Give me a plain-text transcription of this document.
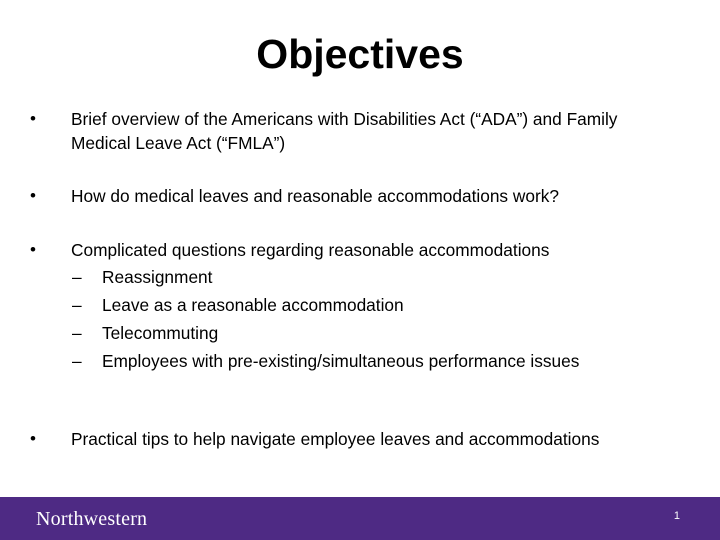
Objectives
•	Brief overview of the Americans with Disabilities Act (“ADA”) and Family Medical Leave Act (“FMLA”)
•	How do medical leaves and reasonable accommodations work?
•	Complicated questions regarding reasonable accommodations
–	Reassignment
–	Leave as a reasonable accommodation
–	Telecommuting
–	Employees with pre-existing/simultaneous performance issues
•	Practical tips to help navigate employee leaves and accommodations
Northwestern	1
